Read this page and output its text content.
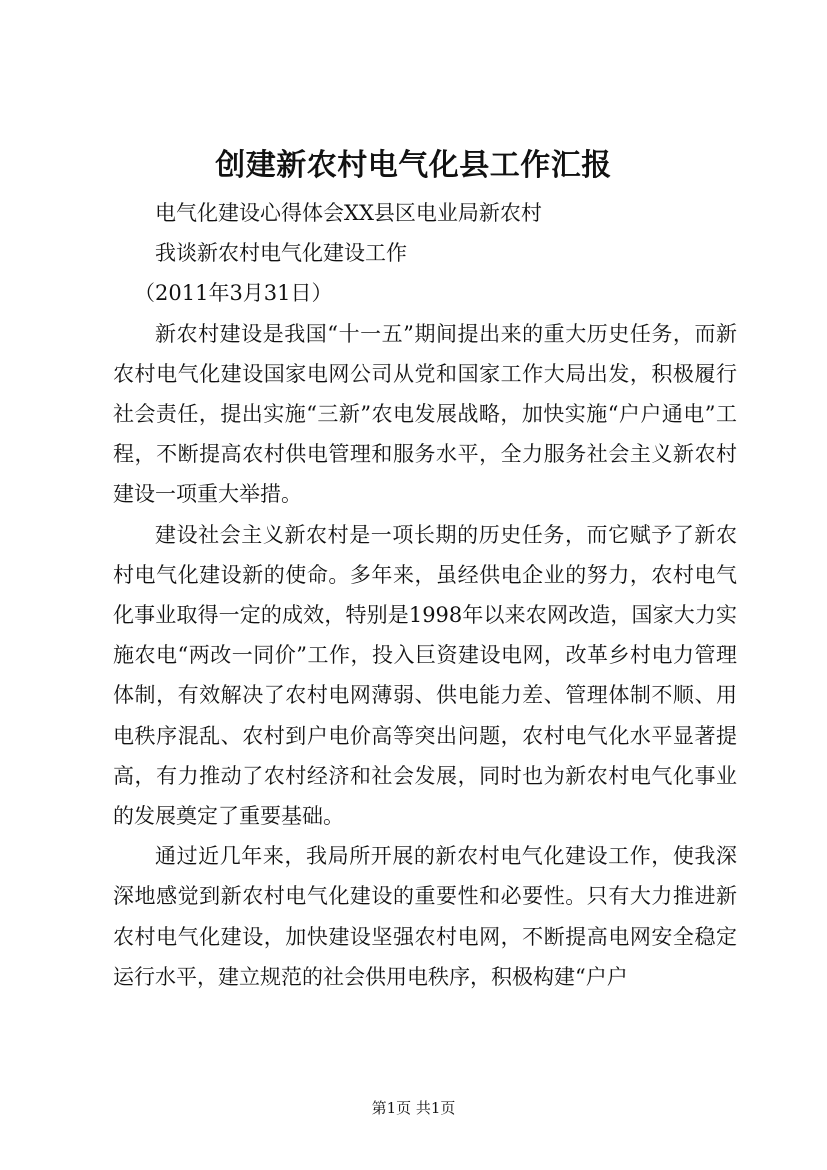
创建新农村电气化县工作汇报

电气化建设心得体会XX县区电业局新农村

我谈新农村电气化建设工作

（2011年3月31日）

新农村建设是我国“十一五”期间提出来的重大历史任务，而新农村电气化建设国家电网公司从党和国家工作大局出发，积极履行社会责任，提出实施“三新”农电发展战略，加快实施“户户通电”工程，不断提高农村供电管理和服务水平，全力服务社会主义新农村建设一项重大举措。

建设社会主义新农村是一项长期的历史任务，而它赋予了新农村电气化建设新的使命。多年来，虽经供电企业的努力，农村电气化事业取得一定的成效，特别是1998年以来农网改造，国家大力实施农电“两改一同价”工作，投入巨资建设电网，改革乡村电力管理体制，有效解决了农村电网薄弱、供电能力差、管理体制不顺、用电秩序混乱、农村到户电价高等突出问题，农村电气化水平显著提高，有力推动了农村经济和社会发展，同时也为新农村电气化事业的发展奠定了重要基础。

通过近几年来，我局所开展的新农村电气化建设工作，使我深深地感觉到新农村电气化建设的重要性和必要性。只有大力推进新农村电气化建设，加快建设坚强农村电网，不断提高电网安全稳定运行水平，建立规范的社会供用电秩序，积极构建“户户

第1页 共1页
